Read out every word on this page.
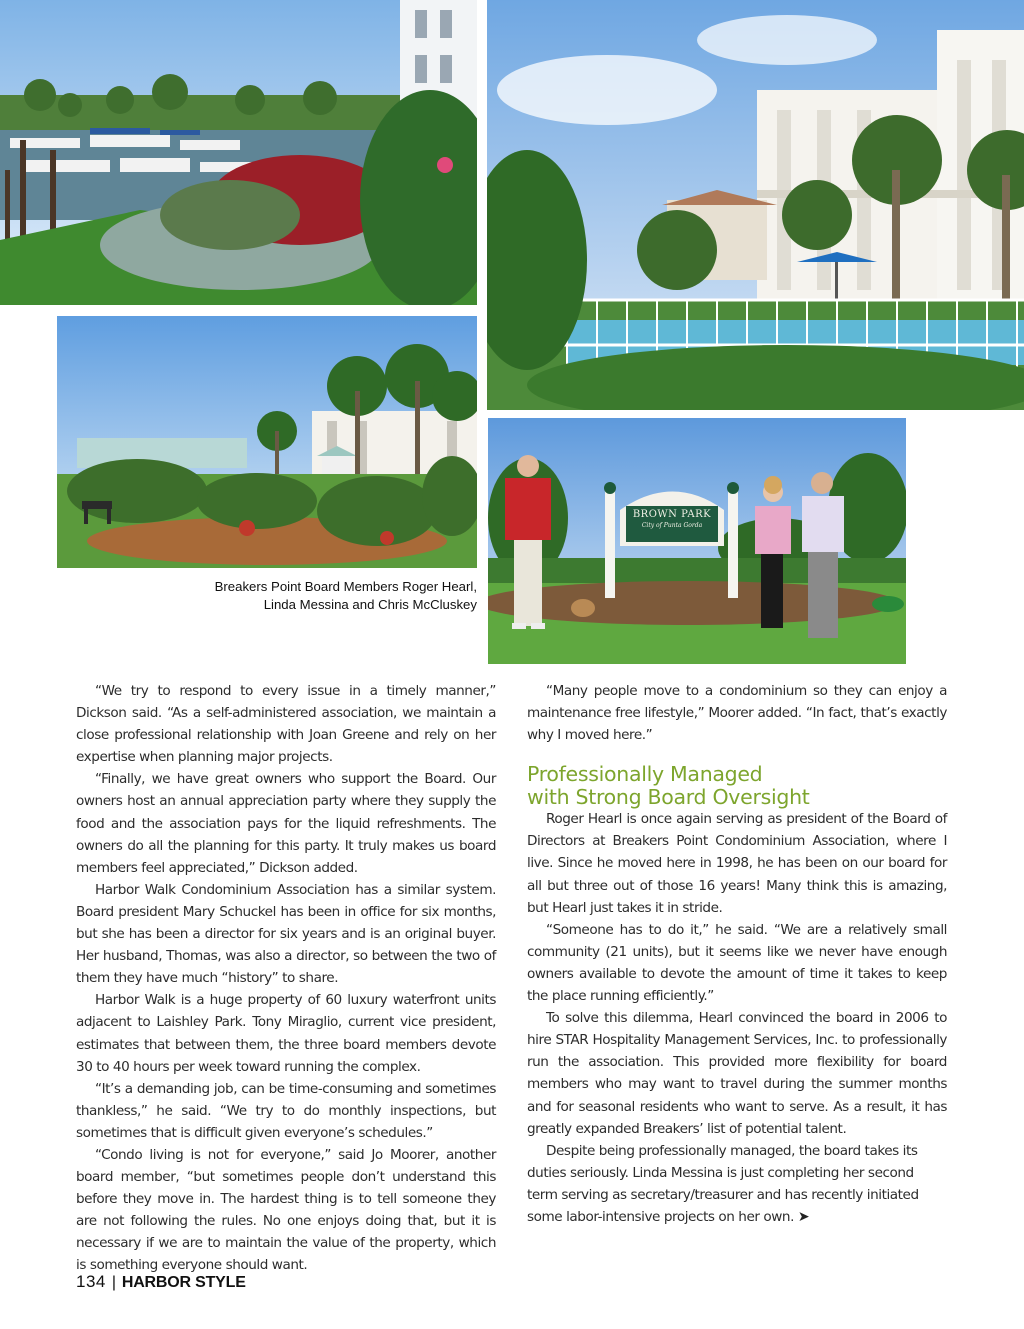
BROWN PARK
City of Punta Gorda
Breakers Point Board Members Roger Hearl,
Linda Messina and Chris McCluskey

“We try to respond to every issue in a timely manner,” Dickson said. “As a self-administered association, we maintain a close professional relationship with Joan Greene and rely on her expertise when planning major projects.

“Finally, we have great owners who support the Board. Our owners host an annual appreciation party where they supply the food and the association pays for the liquid refreshments. The owners do all the planning for this party. It truly makes us board members feel appreciated,” Dickson added.

Harbor Walk Condominium Association has a similar system. Board president Mary Schuckel has been in office for six months, but she has been a director for six years and is an original buyer. Her husband, Thomas, was also a director, so between the two of them they have much “history” to share.

Harbor Walk is a huge property of 60 luxury waterfront units adjacent to Laishley Park. Tony Miraglio, current vice president, estimates that between them, the three board members devote 30 to 40 hours per week toward running the complex.

“It’s a demanding job, can be time-consuming and sometimes thankless,” he said. “We try to do monthly inspections, but sometimes that is difficult given everyone’s schedules.”

“Condo living is not for everyone,” said Jo Moorer, another board member, “but sometimes people don’t understand this before they move in. The hardest thing is to tell someone they are not following the rules. No one enjoys doing that, but it is necessary if we are to maintain the value of the property, which is something everyone should want.

“Many people move to a condominium so they can enjoy a maintenance free lifestyle,” Moorer added. “In fact, that’s exactly why I moved here.”

Professionally Managed
with Strong Board Oversight

Roger Hearl is once again serving as president of the Board of Directors at Breakers Point Condominium Association, where I live. Since he moved here in 1998, he has been on our board for all but three out of those 16 years! Many think this is amazing, but Hearl just takes it in stride.

“Someone has to do it,” he said. “We are a relatively small community (21 units), but it seems like we never have enough owners available to devote the amount of time it takes to keep the place running efficiently.”

To solve this dilemma, Hearl convinced the board in 2006 to hire STAR Hospitality Management Services, Inc. to professionally run the association. This provided more flexibility for board members who may want to travel during the summer months and for seasonal residents who want to serve. As a result, it has greatly expanded Breakers’ list of potential talent.

Despite being professionally managed, the board takes its duties seriously. Linda Messina is just completing her second term serving as secretary/treasurer and has recently initiated some labor-intensive projects on her own. ➤

134 | HARBOR STYLE
